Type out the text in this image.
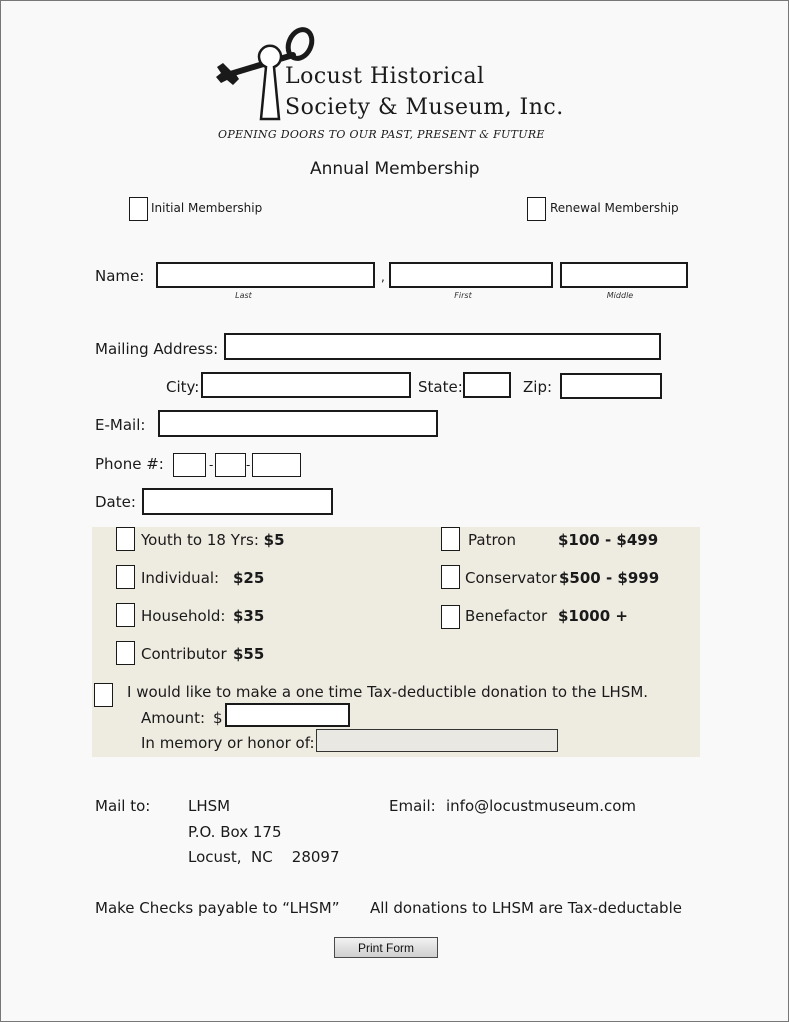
Locust Historical
Society & Museum, Inc.
OPENING DOORS TO OUR PAST, PRESENT & FUTURE
Annual Membership
Initial Membership	Renewal Membership
Name:	,
Last	First	Middle
Mailing Address:
City:	State:	Zip:
E-Mail:
Phone #:	-	-
Date:
Youth to 18 Yrs: $5
Individual: $25
Household: $35
Contributor $55
Patron	$100 - $499
Conservator $500 - $999
Benefactor $1000 +
I would like to make a one time Tax-deductible donation to the LHSM.
Amount: $
In memory or honor of:
Mail to:	LHSM
P.O. Box 175
Locust,  NC    28097
Email: info@locustmuseum.com
Make Checks payable to “LHSM” All donations to LHSM are Tax-deductable
Print Form
